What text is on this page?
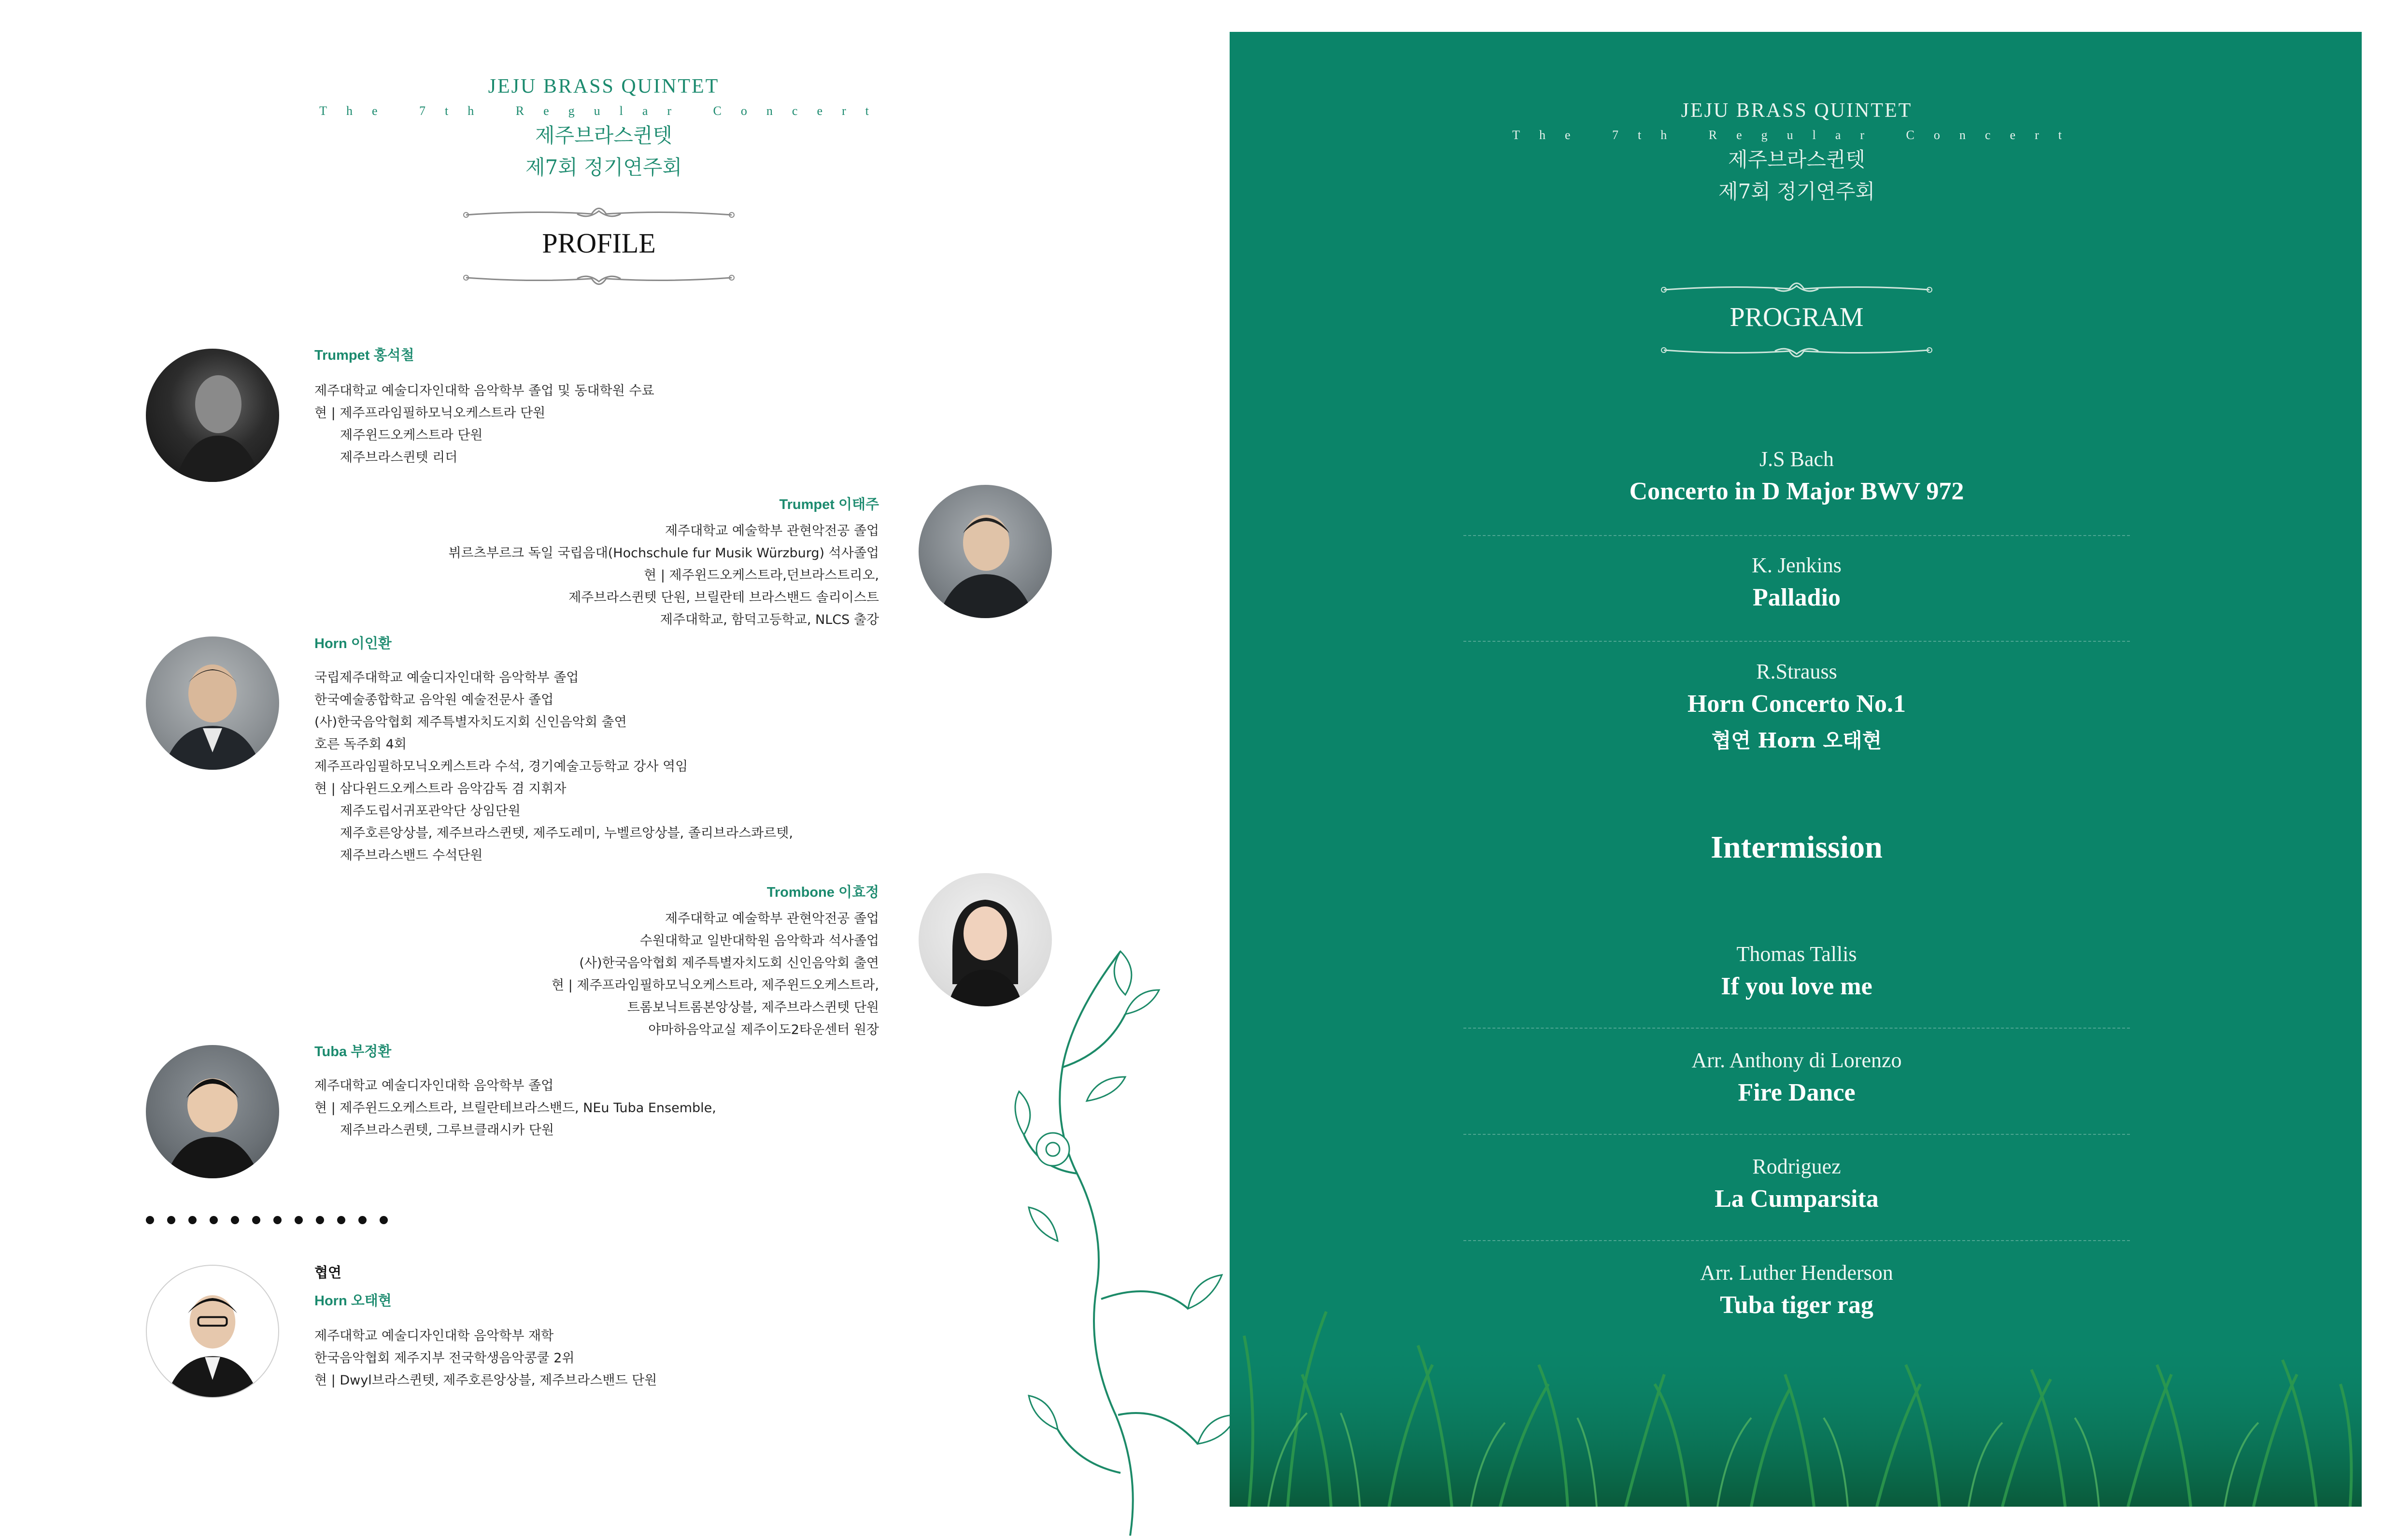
JEJU BRASS QUINTET
The 7th Regular Concert
제주브라스퀸텟
제7회 정기연주회
PROFILE
Trumpet 홍석철
제주대학교 예술디자인대학 음악학부 졸업 및 동대학원 수료
현 | 제주프라임필하모닉오케스트라 단원
제주윈드오케스트라 단원
제주브라스퀸텟 리더
Trumpet 이태주
제주대학교 예술학부 관현악전공 졸업
뷔르츠부르크 독일 국립음대(Hochschule fur Musik Würzburg) 석사졸업
현 | 제주윈드오케스트라,던브라스트리오,
제주브라스퀸텟 단원, 브릴란테 브라스밴드 솔리이스트
제주대학교, 함덕고등학교, NLCS 출강
Horn 이인환
국립제주대학교 예술디자인대학 음악학부 졸업
한국예술종합학교 음악원 예술전문사 졸업
(사)한국음악협회 제주특별자치도지회 신인음악회 출연
호른 독주회 4회
제주프라임필하모닉오케스트라 수석, 경기예술고등학교 강사 역임
현 | 삼다윈드오케스트라 음악감독 겸 지휘자
제주도립서귀포관악단 상임단원
제주호른앙상블, 제주브라스퀸텟, 제주도레미, 누벨르앙상블, 졸리브라스콰르텟,
제주브라스밴드 수석단원
Trombone 이효정
제주대학교 예술학부 관현악전공 졸업
수원대학교 일반대학원 음악학과 석사졸업
(사)한국음악협회 제주특별자치도회 신인음악회 출연
현 | 제주프라임필하모닉오케스트라, 제주윈드오케스트라,
트롬보닉트롬본앙상블, 제주브라스퀸텟 단원
야마하음악교실 제주이도2타운센터 원장
Tuba 부정환
제주대학교 예술디자인대학 음악학부 졸업
현 | 제주윈드오케스트라, 브릴란테브라스밴드, NEu Tuba Ensemble,
제주브라스퀸텟, 그루브클래시카 단원
협연
Horn 오태현
제주대학교 예술디자인대학 음악학부 재학
한국음악협회 제주지부 전국학생음악콩쿨 2위
현 | Dwyl브라스퀸텟, 제주호른앙상블, 제주브라스밴드 단원
JEJU BRASS QUINTET
The 7th Regular Concert
제주브라스퀸텟
제7회 정기연주회
PROGRAM
J.S Bach
Concerto in D Major BWV 972
K. Jenkins
Palladio
R.Strauss
Horn Concerto No.1
협연 Horn 오태현
Intermission
Thomas Tallis
If you love me
Arr. Anthony di Lorenzo
Fire Dance
Rodriguez
La Cumparsita
Arr. Luther Henderson
Tuba tiger rag
